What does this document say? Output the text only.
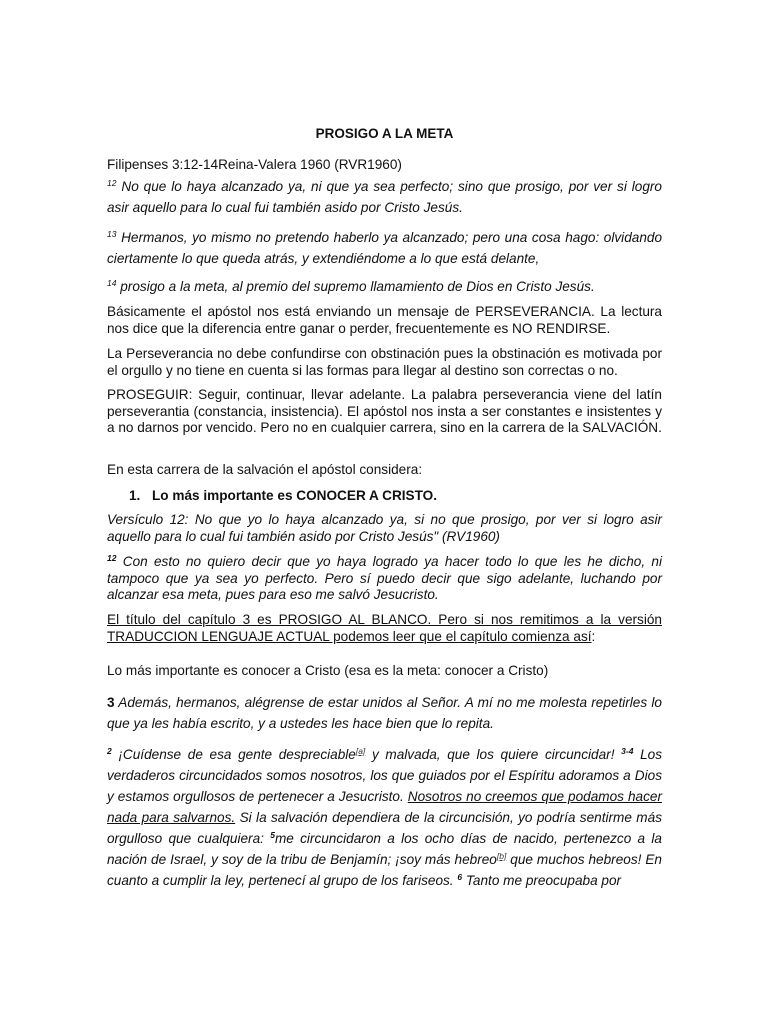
PROSIGO A LA META
Filipenses 3:12-14Reina-Valera 1960 (RVR1960)
$^{12}$ No que lo haya alcanzado ya, ni que ya sea perfecto; sino que prosigo, por ver si logro asir aquello para lo cual fui también asido por Cristo Jesús.
$^{13}$ Hermanos, yo mismo no pretendo haberlo ya alcanzado; pero una cosa hago: olvidando ciertamente lo que queda atrás, y extendiéndome a lo que está delante,
$^{14}$ prosigo a la meta, al premio del supremo llamamiento de Dios en Cristo Jesús.
Básicamente el apóstol nos está enviando un mensaje de PERSEVERANCIA. La lectura nos dice que la diferencia entre ganar o perder, frecuentemente es NO RENDIRSE.
La Perseverancia no debe confundirse con obstinación pues la obstinación es motivada por el orgullo y no tiene en cuenta si las formas para llegar al destino son correctas o no.
PROSEGUIR: Seguir, continuar, llevar adelante. La palabra perseverancia viene del latín perseverantia (constancia, insistencia). El apóstol nos insta a ser constantes e insistentes y a no darnos por vencido. Pero no en cualquier carrera, sino en la carrera de la SALVACIÓN.
En esta carrera de la salvación el apóstol considera:
1. Lo más importante es CONOCER A CRISTO.
Versículo 12: No que yo lo haya alcanzado ya, si no que prosigo, por ver si logro asir aquello para lo cual fui también asido por Cristo Jesús" (RV1960)
$^{12}$ Con esto no quiero decir que yo haya logrado ya hacer todo lo que les he dicho, ni tampoco que ya sea yo perfecto. Pero sí puedo decir que sigo adelante, luchando por alcanzar esa meta, pues para eso me salvó Jesucristo.
El título del capítulo 3 es PROSIGO AL BLANCO. Pero si nos remitimos a la versión TRADUCCION LENGUAJE ACTUAL podemos leer que el capítulo comienza así:
Lo más importante es conocer a Cristo (esa es la meta: conocer a Cristo)
3 Además, hermanos, alégrense de estar unidos al Señor. A mí no me molesta repetirles lo que ya les había escrito, y a ustedes les hace bien que lo repita.
$^2$ ¡Cuídense de esa gente despreciable[a] y malvada, que los quiere circuncidar! $^{3-4}$ Los verdaderos circuncidados somos nosotros, los que guiados por el Espíritu adoramos a Dios y estamos orgullosos de pertenecer a Jesucristo. Nosotros no creemos que podamos hacer nada para salvarnos. Si la salvación dependiera de la circuncisión, yo podría sentirme más orgulloso que cualquiera: $^5$me circuncidaron a los ocho días de nacido, pertenezco a la nación de Israel, y soy de la tribu de Benjamín; ¡soy más hebreo[b] que muchos hebreos! En cuanto a cumplir la ley, pertenecí al grupo de los fariseos. $^6$ Tanto me preocupaba por
